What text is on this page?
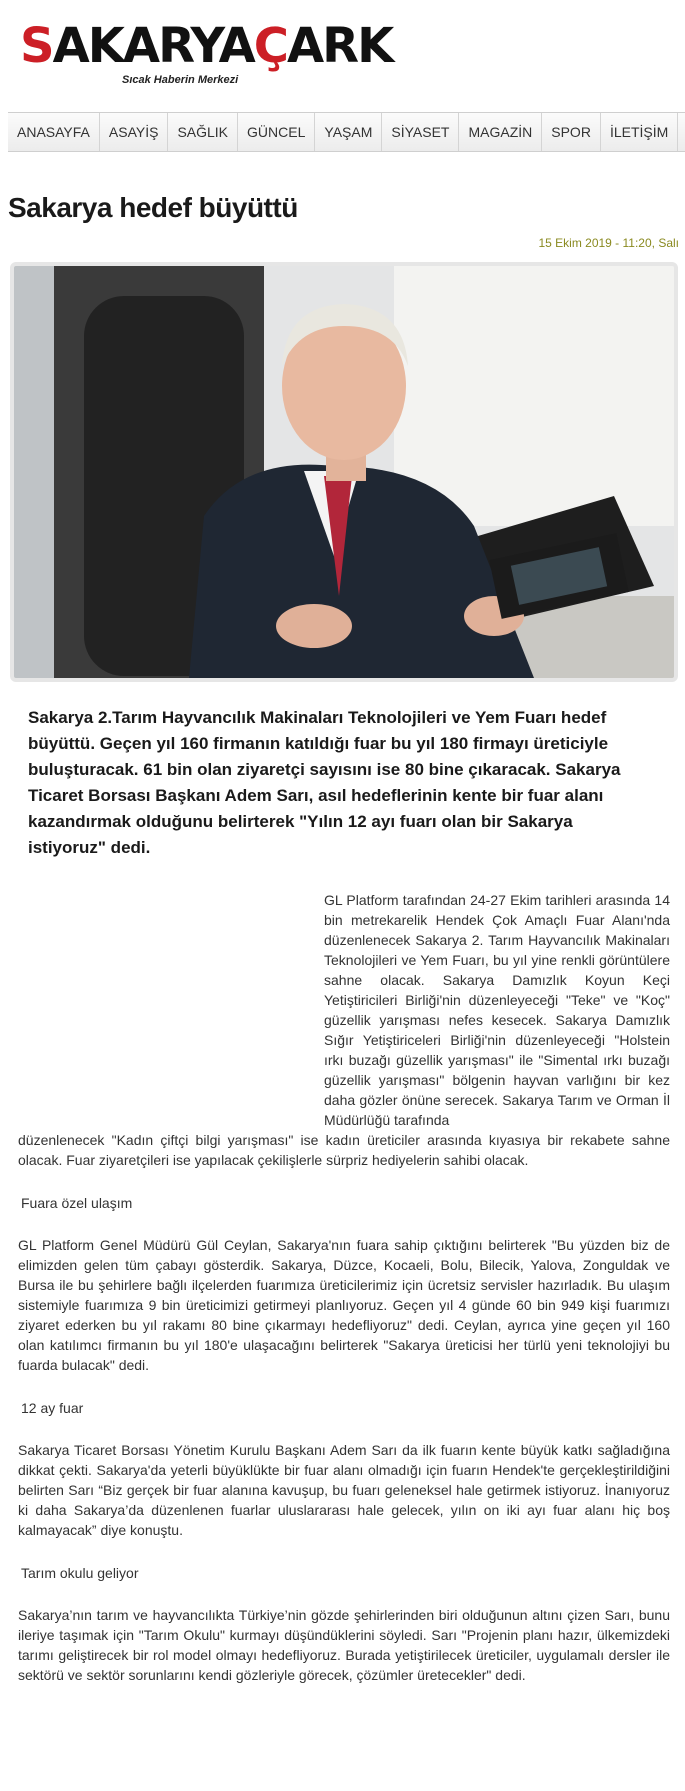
SAKARYAÇARK
Sıcak Haberin Merkezi
ANASAYFA	ASAYİŞ	SAĞLIK	GÜNCEL	YAŞAM	SİYASET	MAGAZİN	SPOR	İLETİŞİM
Sakarya hedef büyüttü
15 Ekim 2019 - 11:20, Salı

Sakarya 2.Tarım Hayvancılık Makinaları Teknolojileri ve Yem Fuarı hedef büyüttü. Geçen yıl 160 firmanın katıldığı fuar bu yıl 180 firmayı üreticiyle buluşturacak. 61 bin olan ziyaretçi sayısını ise 80 bine çıkaracak. Sakarya Ticaret Borsası Başkanı Adem Sarı, asıl hedeflerinin kente bir fuar alanı kazandırmak olduğunu belirterek "Yılın 12 ayı fuarı olan bir Sakarya istiyoruz" dedi.

GL Platform tarafından 24-27 Ekim tarihleri arasında 14 bin metrekarelik Hendek Çok Amaçlı Fuar Alanı'nda düzenlenecek Sakarya 2. Tarım Hayvancılık Makinaları Teknolojileri ve Yem Fuarı, bu yıl yine renkli görüntülere sahne olacak. Sakarya Damızlık Koyun Keçi Yetiştiricileri Birliği'nin düzenleyeceği "Teke" ve "Koç" güzellik yarışması nefes kesecek. Sakarya Damızlık Sığır Yetiştiriceleri Birliği'nin düzenleyeceği "Holstein ırkı buzağı güzellik yarışması" ile "Simental ırkı buzağı güzellik yarışması" bölgenin hayvan varlığını bir kez daha gözler önüne serecek. Sakarya Tarım ve Orman İl Müdürlüğü tarafında

düzenlenecek "Kadın çiftçi bilgi yarışması" ise kadın üreticiler arasında kıyasıya bir rekabete sahne olacak. Fuar ziyaretçileri ise yapılacak çekilişlerle sürpriz hediyelerin sahibi olacak.

Fuara özel ulaşım

GL Platform Genel Müdürü Gül Ceylan, Sakarya'nın fuara sahip çıktığını belirterek "Bu yüzden biz de elimizden gelen tüm çabayı gösterdik. Sakarya, Düzce, Kocaeli, Bolu, Bilecik, Yalova, Zonguldak ve Bursa ile bu şehirlere bağlı ilçelerden fuarımıza üreticilerimiz için ücretsiz servisler hazırladık. Bu ulaşım sistemiyle fuarımıza 9 bin üreticimizi getirmeyi planlıyoruz. Geçen yıl 4 günde 60 bin 949 kişi fuarımızı ziyaret ederken bu yıl rakamı 80 bine çıkarmayı hedefliyoruz" dedi. Ceylan, ayrıca yine geçen yıl 160 olan katılımcı firmanın bu yıl 180'e ulaşacağını belirterek "Sakarya üreticisi her türlü yeni teknolojiyi bu fuarda bulacak" dedi.

12 ay fuar

Sakarya Ticaret Borsası Yönetim Kurulu Başkanı Adem Sarı da ilk fuarın kente büyük katkı sağladığına dikkat çekti. Sakarya'da yeterli büyüklükte bir fuar alanı olmadığı için fuarın Hendek'te gerçekleştirildiğini belirten Sarı “Biz gerçek bir fuar alanına kavuşup, bu fuarı geleneksel hale getirmek istiyoruz. İnanıyoruz ki daha Sakarya’da düzenlenen fuarlar uluslararası hale gelecek, yılın on iki ayı fuar alanı hiç boş kalmayacak” diye konuştu.

Tarım okulu geliyor

Sakarya’nın tarım ve hayvancılıkta Türkiye’nin gözde şehirlerinden biri olduğunun altını çizen Sarı, bunu ileriye taşımak için "Tarım Okulu" kurmayı düşündüklerini söyledi. Sarı "Projenin planı hazır, ülkemizdeki tarımı geliştirecek bir rol model olmayı hedefliyoruz. Burada yetiştirilecek üreticiler, uygulamalı dersler ile sektörü ve sektör sorunlarını kendi gözleriyle görecek, çözümler üretecekler" dedi.
